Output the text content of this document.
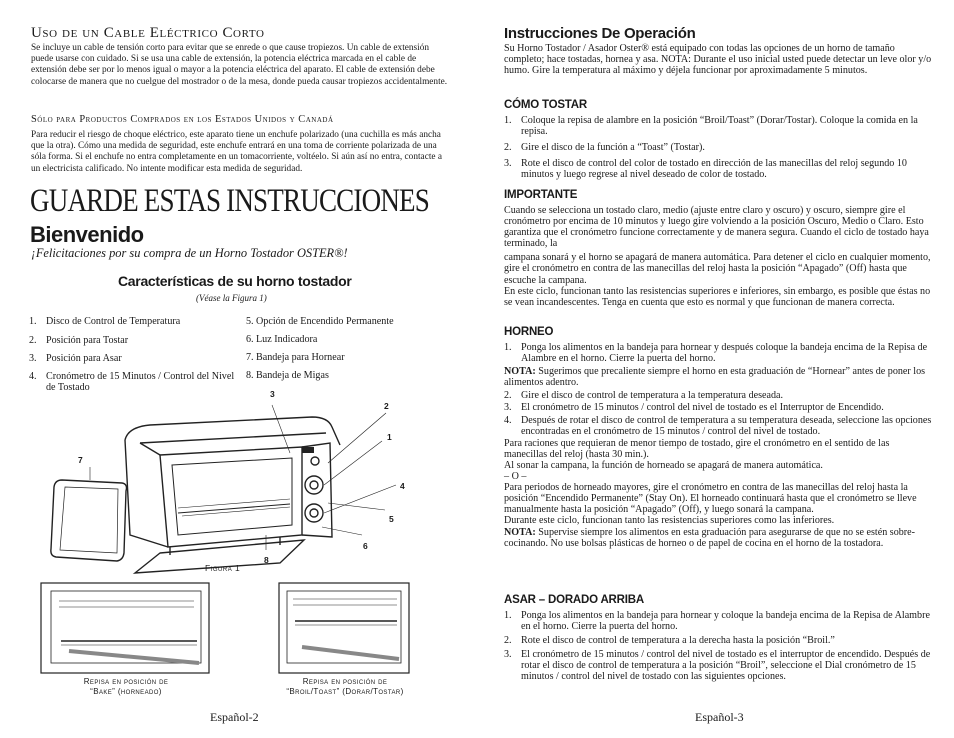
Uso de un Cable Eléctrico Corto

Se incluye un cable de tensión corto para evitar que se enrede o que cause tropiezos. Un cable de extensión puede usarse con cuidado. Si se usa una cable de extensión, la potencia eléctrica marcada en el cable de extensión debe ser por lo menos igual o mayor a la potencia eléctrica del aparato. El cable de extensión debe colocarse de manera que no cuelgue del mostrador o de la mesa, donde pueda causar tropiezos accidentalmente.

Sólo para Productos Comprados en los Estados Unidos y Canadá

Para reducir el riesgo de choque eléctrico, este aparato tiene un enchufe polarizado (una cuchilla es más ancha que la otra). Cómo una medida de seguridad, este enchufe entrará en una toma de corriente polarizada de una sóla forma. Si el enchufe no entra completamente en un tomacorriente, voltéelo. Si aún así no entra, contacte a un electricista calificado. No intente modificar esta medida de seguridad.

GUARDE ESTAS INSTRUCCIONES
Bienvenido
¡Felicitaciones por su compra de un Horno Tostador OSTER®!
Características de su horno tostador
(Véase la Figura 1)
1. Disco de Control de Temperatura
2. Posición para Tostar
3. Posición para Asar
4. Cronómetro de 15 Minutos / Control del Nivel de Tostado
5. Opción de Encendido Permanente
6. Luz Indicadora
7. Bandeja para Hornear
8. Bandeja de Migas
1
2
3
4
5
6
7
8
Figura 1
Repisa en posición de
“Bake” (horneado)
Repisa en posición de
“Broil/Toast” (Dorar/Tostar)
Español-2
Instrucciones De Operación

Su Horno Tostador / Asador Oster® está equipado con todas las opciones de un horno de tamaño completo; hace tostadas, hornea y asa. NOTA: Durante el uso inicial usted puede detectar un leve olor y/o humo. Gire la temperatura al máximo y déjela funcionar por aproximadamente 5 minutos.

CÓMO TOSTAR
1. Coloque la repisa de alambre en la posición “Broil/Toast” (Dorar/Tostar). Coloque la comida en la repisa.
2. Gire el disco de la función a “Toast” (Tostar).
3. Rote el disco de control del color de tostado en dirección de las manecillas del reloj segundo 10 minutos y luego regrese al nivel deseado de color de tostado.
IMPORTANTE

Cuando se selecciona un tostado claro, medio (ajuste entre claro y oscuro) y oscuro, siempre gire el cronómetro por encima de 10 minutos y luego gire volviendo a la posición Oscuro, Medio o Claro. Esto garantiza que el cronómetro funcione correctamente y de manera segura. Cuando el ciclo de tostado haya terminado, la

campana sonará y el horno se apagará de manera automática. Para detener el ciclo en cualquier momento, gire el cronómetro en contra de las manecillas del reloj hasta la posición “Apagado” (Off) hasta que escuche la campana.

En este ciclo, funcionan tanto las resistencias superiores e inferiores, sin embargo, es posible que éstas no se vean incandescentes. Tenga en cuenta que esto es normal y que funcionan de manera correcta.

HORNEO
1. Ponga los alimentos en la bandeja para hornear y después coloque la bandeja encima de la Repisa de Alambre en el horno. Cierre la puerta del horno.

NOTA: Sugerimos que precaliente siempre el horno en esta graduación de “Hornear” antes de poner los alimentos adentro.

2. Gire el disco de control de temperatura a la temperatura deseada.
3. El cronómetro de 15 minutos / control del nivel de tostado es el Interruptor de Encendido.
4. Después de rotar el disco de control de temperatura a su temperatura deseada, seleccione las opciones encontradas en el cronómetro de 15 minutos / control del nivel de tostado.

Para raciones que requieran de menor tiempo de tostado, gire el cronómetro en el sentido de las manecillas del reloj (hasta 30 min.).

Al sonar la campana, la función de horneado se apagará de manera automática.

– O –

Para periodos de horneado mayores, gire el cronómetro en contra de las manecillas del reloj hasta la posición “Encendido Permanente” (Stay On). El horneado continuará hasta que el cronómetro se lleve manualmente hasta la posición “Apagado” (Off), y luego sonará la campana.

Durante este ciclo, funcionan tanto las resistencias superiores como las inferiores.

NOTA: Supervise siempre los alimentos en esta graduación para asegurarse de que no se estén sobre-cocinando. No use bolsas plásticas de horneo o de papel de cocina en el horno de la tostadora.

ASAR – DORADO ARRIBA
1. Ponga los alimentos en la bandeja para hornear y coloque la bandeja encima de la Repisa de Alambre en el horno. Cierre la puerta del horno.
2. Rote el disco de control de temperatura a la derecha hasta la posición “Broil.”
3. El cronómetro de 15 minutos / control del nivel de tostado es el interruptor de encendido. Después de rotar el disco de control de temperatura a la posición “Broil”, seleccione el Dial cronómetro de 15 minutos / control del nivel de tostado con las siguientes opciones.
Español-3
